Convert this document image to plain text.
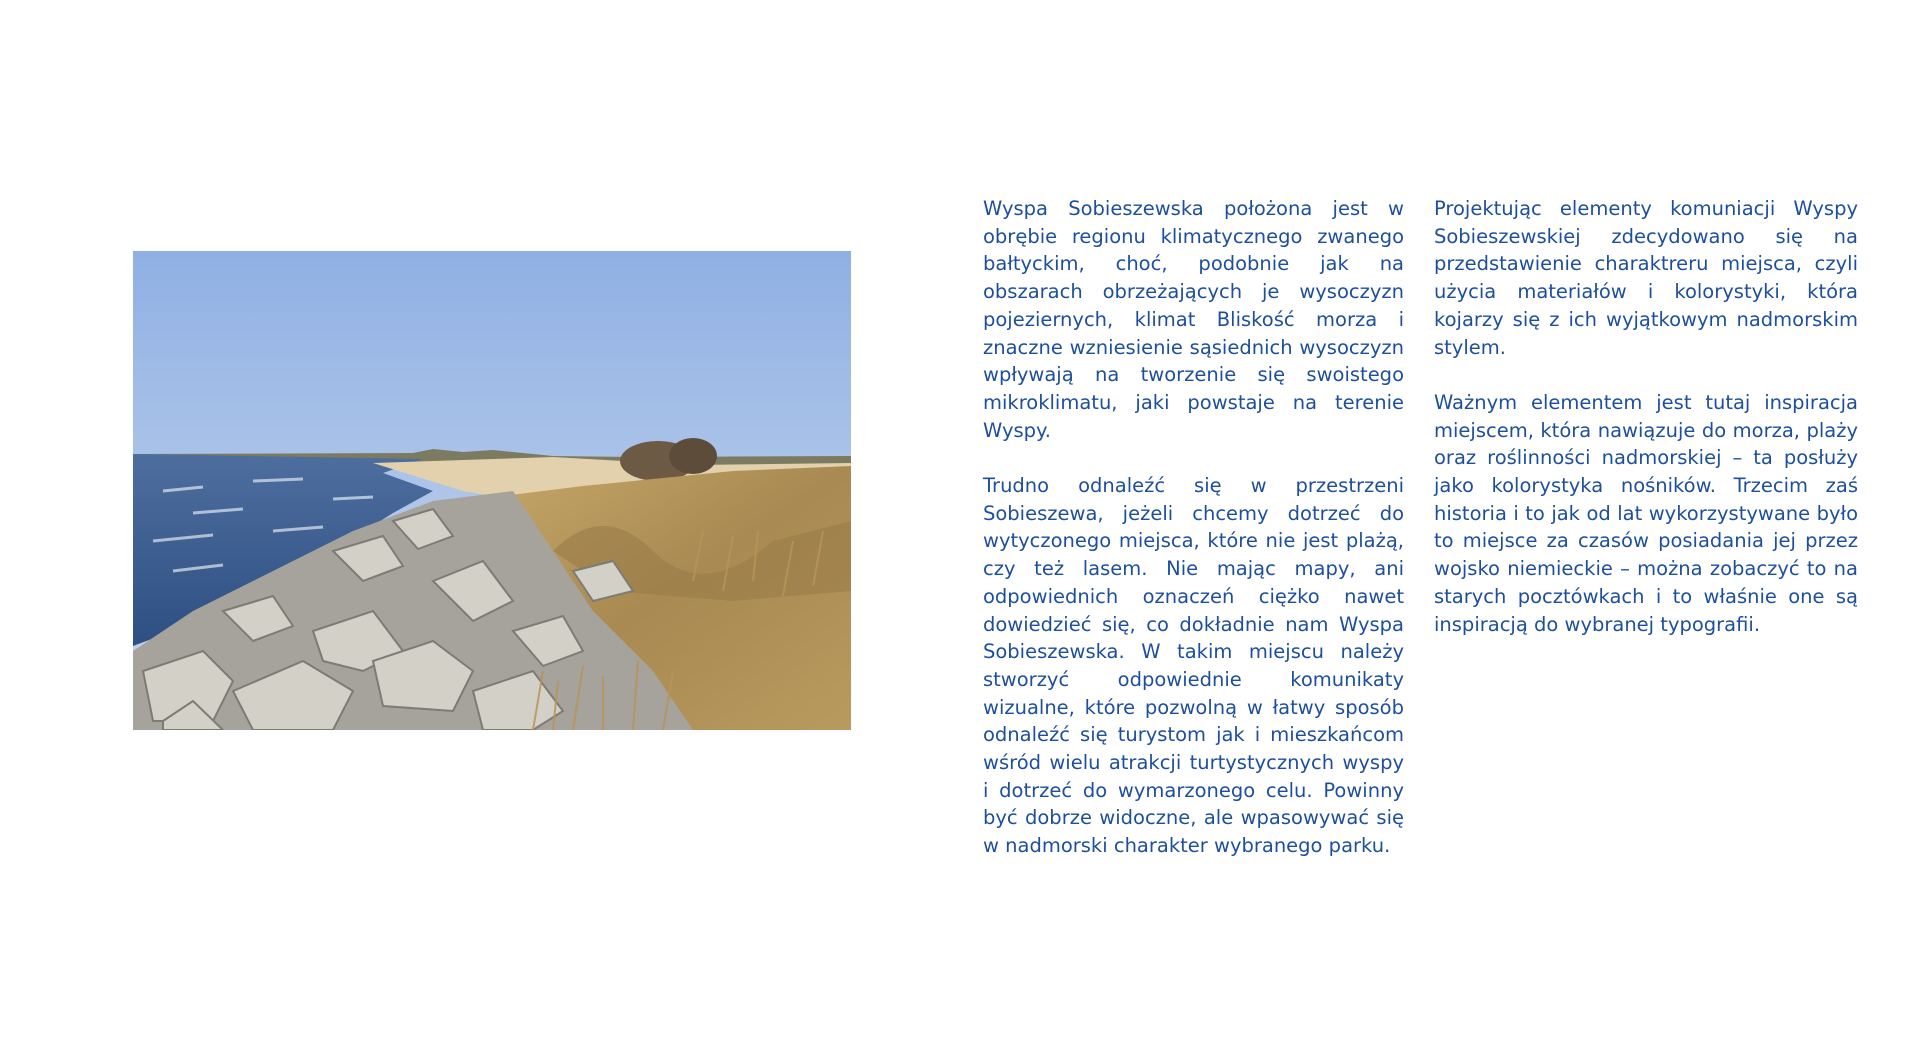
Wyspa Sobieszewska położona jest w obrębie regionu klimatycznego zwanego bałtyckim, choć, podobnie jak na obszarach obrzeżających je wysoczyzn pojeziernych, klimat Bliskość morza i znaczne wzniesienie sąsiednich wysoczyzn wpływają na tworzenie się swoistego mikroklimatu, jaki powstaje na terenie Wyspy.

Trudno odnaleźć się w przestrzeni Sobieszewa, jeżeli chcemy dotrzeć do wytyczonego miejsca, które nie jest plażą, czy też lasem. Nie mając mapy, ani odpowiednich oznaczeń ciężko nawet dowiedzieć się, co dokładnie nam Wyspa Sobieszewska. W takim miejscu należy stworzyć odpowiednie komunikaty wizualne, które pozwolną w łatwy sposób odnaleźć się turystom jak i mieszkańcom wśród wielu atrakcji turtystycznych wyspy i dotrzeć do wymarzonego celu. Powinny być dobrze widoczne, ale wpasowywać się w nadmorski charakter wybranego parku.

Projektując elementy komuniacji Wyspy Sobieszewskiej zdecydowano się na przedstawienie charaktreru miejsca, czyli użycia materiałów i kolorystyki, która kojarzy się z ich wyjątkowym nadmorskim stylem.

Ważnym elementem jest tutaj inspiracja miejscem, która nawiązuje do morza, plaży oraz roślinności nadmorskiej – ta posłuży jako kolorystyka nośników. Trzecim zaś historia i to jak od lat wykorzystywane było to miejsce za czasów posiadania jej przez wojsko niemieckie – można zobaczyć to na starych pocztówkach i to właśnie one są inspiracją do wybranej typografii.
